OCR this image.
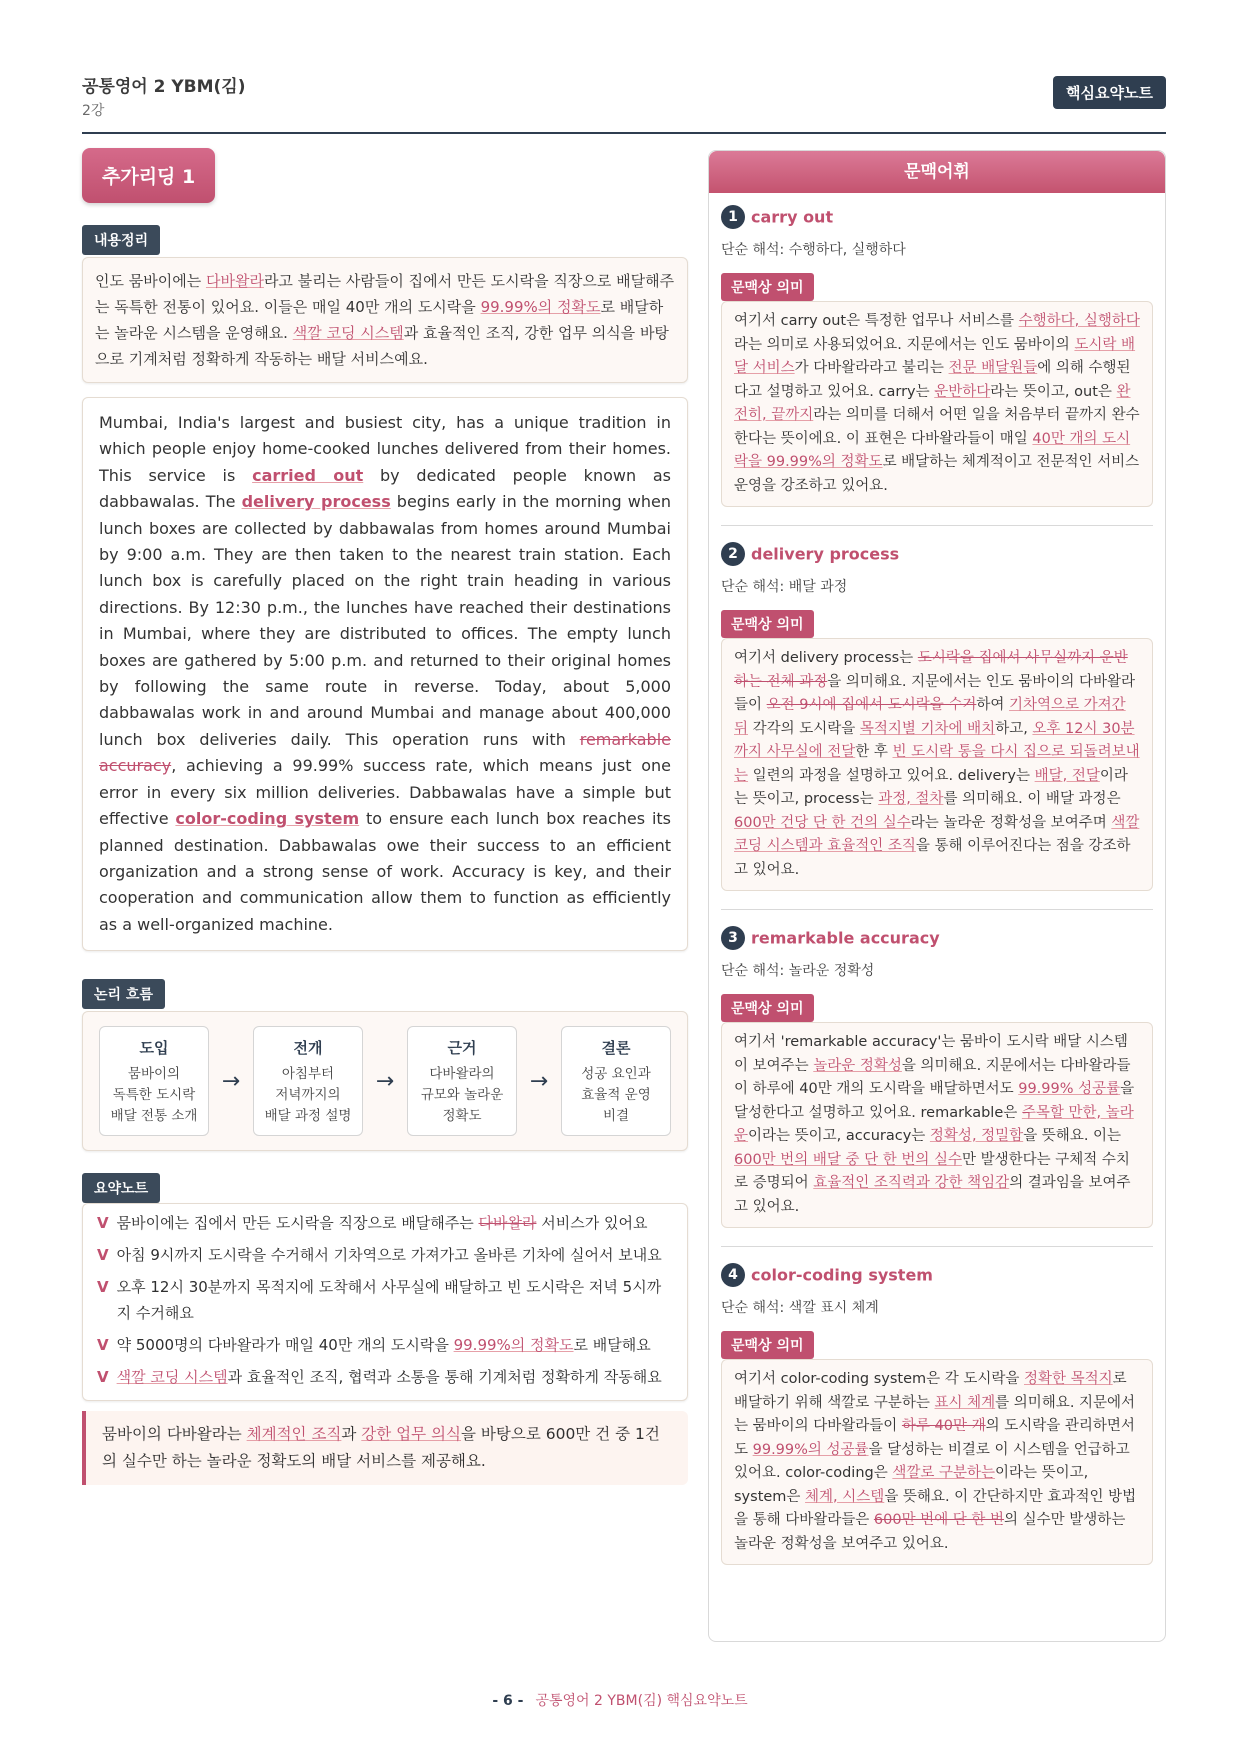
공통영어 2 YBM(김)
2강
핵심요약노트
추가리딩 1
내용정리
인도 뭄바이에는 다바왈라라고 불리는 사람들이 집에서 만든 도시락을 직장으로 배달해주는 독특한 전통이 있어요. 이들은 매일 40만 개의 도시락을 99.99%의 정확도로 배달하는 놀라운 시스템을 운영해요. 색깔 코딩 시스템과 효율적인 조직, 강한 업무 의식을 바탕으로 기계처럼 정확하게 작동하는 배달 서비스예요.
Mumbai, India's largest and busiest city, has a unique tradition in which people enjoy home-cooked lunches delivered from their homes. This service is carried out by dedicated people known as dabbawalas. The delivery process begins early in the morning when lunch boxes are collected by dabbawalas from homes around Mumbai by 9:00 a.m. They are then taken to the nearest train station. Each lunch box is carefully placed on the right train heading in various directions. By 12:30 p.m., the lunches have reached their destinations in Mumbai, where they are distributed to offices. The empty lunch boxes are gathered by 5:00 p.m. and returned to their original homes by following the same route in reverse. Today, about 5,000 dabbawalas work in and around Mumbai and manage about 400,000 lunch box deliveries daily. This operation runs with remarkable accuracy, achieving a 99.99% success rate, which means just one error in every six million deliveries. Dabbawalas have a simple but effective color-coding system to ensure each lunch box reaches its planned destination. Dabbawalas owe their success to an efficient organization and a strong sense of work. Accuracy is key, and their cooperation and communication allow them to function as efficiently as a well-organized machine.
논리 흐름
도입
뭄바이의
독특한 도시락
배달 전통 소개
→
전개
아침부터
저녁까지의
배달 과정 설명
→
근거
다바왈라의
규모와 놀라운
정확도
→
결론
성공 요인과
효율적 운영
비결
요약노트
V 뭄바이에는 집에서 만든 도시락을 직장으로 배달해주는 다바왈라 서비스가 있어요
V 아침 9시까지 도시락을 수거해서 기차역으로 가져가고 올바른 기차에 실어서 보내요
V 오후 12시 30분까지 목적지에 도착해서 사무실에 배달하고 빈 도시락은 저녁 5시까지 수거해요
V 약 5000명의 다바왈라가 매일 40만 개의 도시락을 99.99%의 정확도로 배달해요
V 색깔 코딩 시스템과 효율적인 조직, 협력과 소통을 통해 기계처럼 정확하게 작동해요
뭄바이의 다바왈라는 체계적인 조직과 강한 업무 의식을 바탕으로 600만 건 중 1건의 실수만 하는 놀라운 정확도의 배달 서비스를 제공해요.
문맥어휘
1 carry out
단순 해석: 수행하다, 실행하다
문맥상 의미
여기서 carry out은 특정한 업무나 서비스를 수행하다, 실행하다라는 의미로 사용되었어요. 지문에서는 인도 뭄바이의 도시락 배달 서비스가 다바왈라라고 불리는 전문 배달원들에 의해 수행된다고 설명하고 있어요. carry는 운반하다라는 뜻이고, out은 완전히, 끝까지라는 의미를 더해서 어떤 일을 처음부터 끝까지 완수한다는 뜻이에요. 이 표현은 다바왈라들이 매일 40만 개의 도시락을 99.99%의 정확도로 배달하는 체계적이고 전문적인 서비스 운영을 강조하고 있어요.
2 delivery process
단순 해석: 배달 과정
문맥상 의미
여기서 delivery process는 도시락을 집에서 사무실까지 운반하는 전체 과정을 의미해요. 지문에서는 인도 뭄바이의 다바왈라들이 오전 9시에 집에서 도시락을 수거하여 기차역으로 가져간 뒤 각각의 도시락을 목적지별 기차에 배치하고, 오후 12시 30분까지 사무실에 전달한 후 빈 도시락 통을 다시 집으로 되돌려보내는 일련의 과정을 설명하고 있어요. delivery는 배달, 전달이라는 뜻이고, process는 과정, 절차를 의미해요. 이 배달 과정은 600만 건당 단 한 건의 실수라는 놀라운 정확성을 보여주며 색깔 코딩 시스템과 효율적인 조직을 통해 이루어진다는 점을 강조하고 있어요.
3 remarkable accuracy
단순 해석: 놀라운 정확성
문맥상 의미
여기서 'remarkable accuracy'는 뭄바이 도시락 배달 시스템이 보여주는 놀라운 정확성을 의미해요. 지문에서는 다바왈라들이 하루에 40만 개의 도시락을 배달하면서도 99.99% 성공률을 달성한다고 설명하고 있어요. remarkable은 주목할 만한, 놀라운이라는 뜻이고, accuracy는 정확성, 정밀함을 뜻해요. 이는 600만 번의 배달 중 단 한 번의 실수만 발생한다는 구체적 수치로 증명되어 효율적인 조직력과 강한 책임감의 결과임을 보여주고 있어요.
4 color-coding system
단순 해석: 색깔 표시 체계
문맥상 의미
여기서 color-coding system은 각 도시락을 정확한 목적지로 배달하기 위해 색깔로 구분하는 표시 체계를 의미해요. 지문에서는 뭄바이의 다바왈라들이 하루 40만 개의 도시락을 관리하면서도 99.99%의 성공률을 달성하는 비결로 이 시스템을 언급하고 있어요. color-coding은 색깔로 구분하는이라는 뜻이고, system은 체계, 시스템을 뜻해요. 이 간단하지만 효과적인 방법을 통해 다바왈라들은 600만 번에 단 한 번의 실수만 발생하는 놀라운 정확성을 보여주고 있어요.
- 6 - 공통영어 2 YBM(김) 핵심요약노트
